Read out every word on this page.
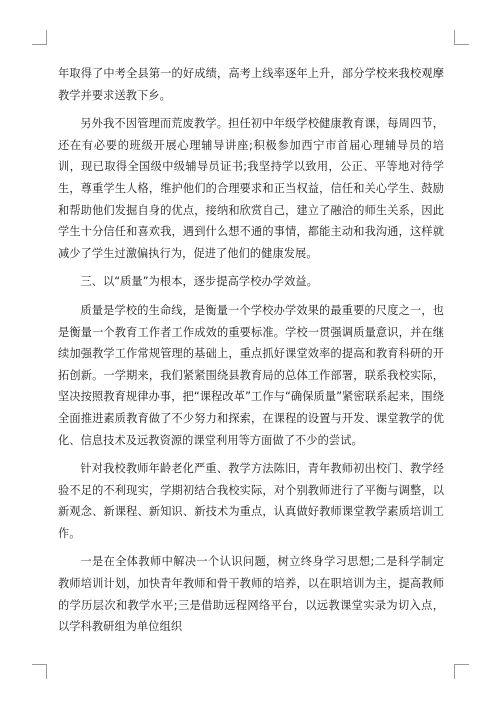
年取得了中考全县第一的好成绩，高考上线率逐年上升，部分学校来我校观摩教学并要求送教下乡。

另外我不因管理而荒废教学。担任初中年级学校健康教育课，每周四节，还在有必要的班级开展心理辅导讲座;积极参加西宁市首届心理辅导员的培训，现已取得全国级中级辅导员证书;我坚持学以致用，公正、平等地对待学生，尊重学生人格，维护他们的合理要求和正当权益，信任和关心学生、鼓励和帮助他们发掘自身的优点，接纳和欣赏自己，建立了融洽的师生关系，因此学生十分信任和喜欢我，遇到什么想不通的事情，都能主动和我沟通，这样就减少了学生过激偏执行为，促进了他们的健康发展。

三、以“质量”为根本，逐步提高学校办学效益。

质量是学校的生命线，是衡量一个学校办学效果的最重要的尺度之一，也是衡量一个教育工作者工作成效的重要标准。学校一贯强调质量意识，并在继续加强教学工作常规管理的基础上，重点抓好课堂效率的提高和教育科研的开拓创新。一学期来，我们紧紧围绕县教育局的总体工作部署，联系我校实际，坚决按照教育规律办事，把“课程改革”工作与“确保质量”紧密联系起来，围绕全面推进素质教育做了不少努力和探索，在课程的设置与开发、课堂教学的优化、信息技术及远教资源的课堂利用等方面做了不少的尝试。

针对我校教师年龄老化严重、教学方法陈旧，青年教师初出校门、教学经验不足的不利现实，学期初结合我校实际，对个别教师进行了平衡与调整，以新观念、新课程、新知识、新技术为重点，认真做好教师课堂教学素质培训工作。

一是在全体教师中解决一个认识问题，树立终身学习思想;二是科学制定教师培训计划，加快青年教师和骨干教师的培养，以在职培训为主，提高教师的学历层次和教学水平;三是借助远程网络平台，以远教课堂实录为切入点，以学科教研组为单位组织
